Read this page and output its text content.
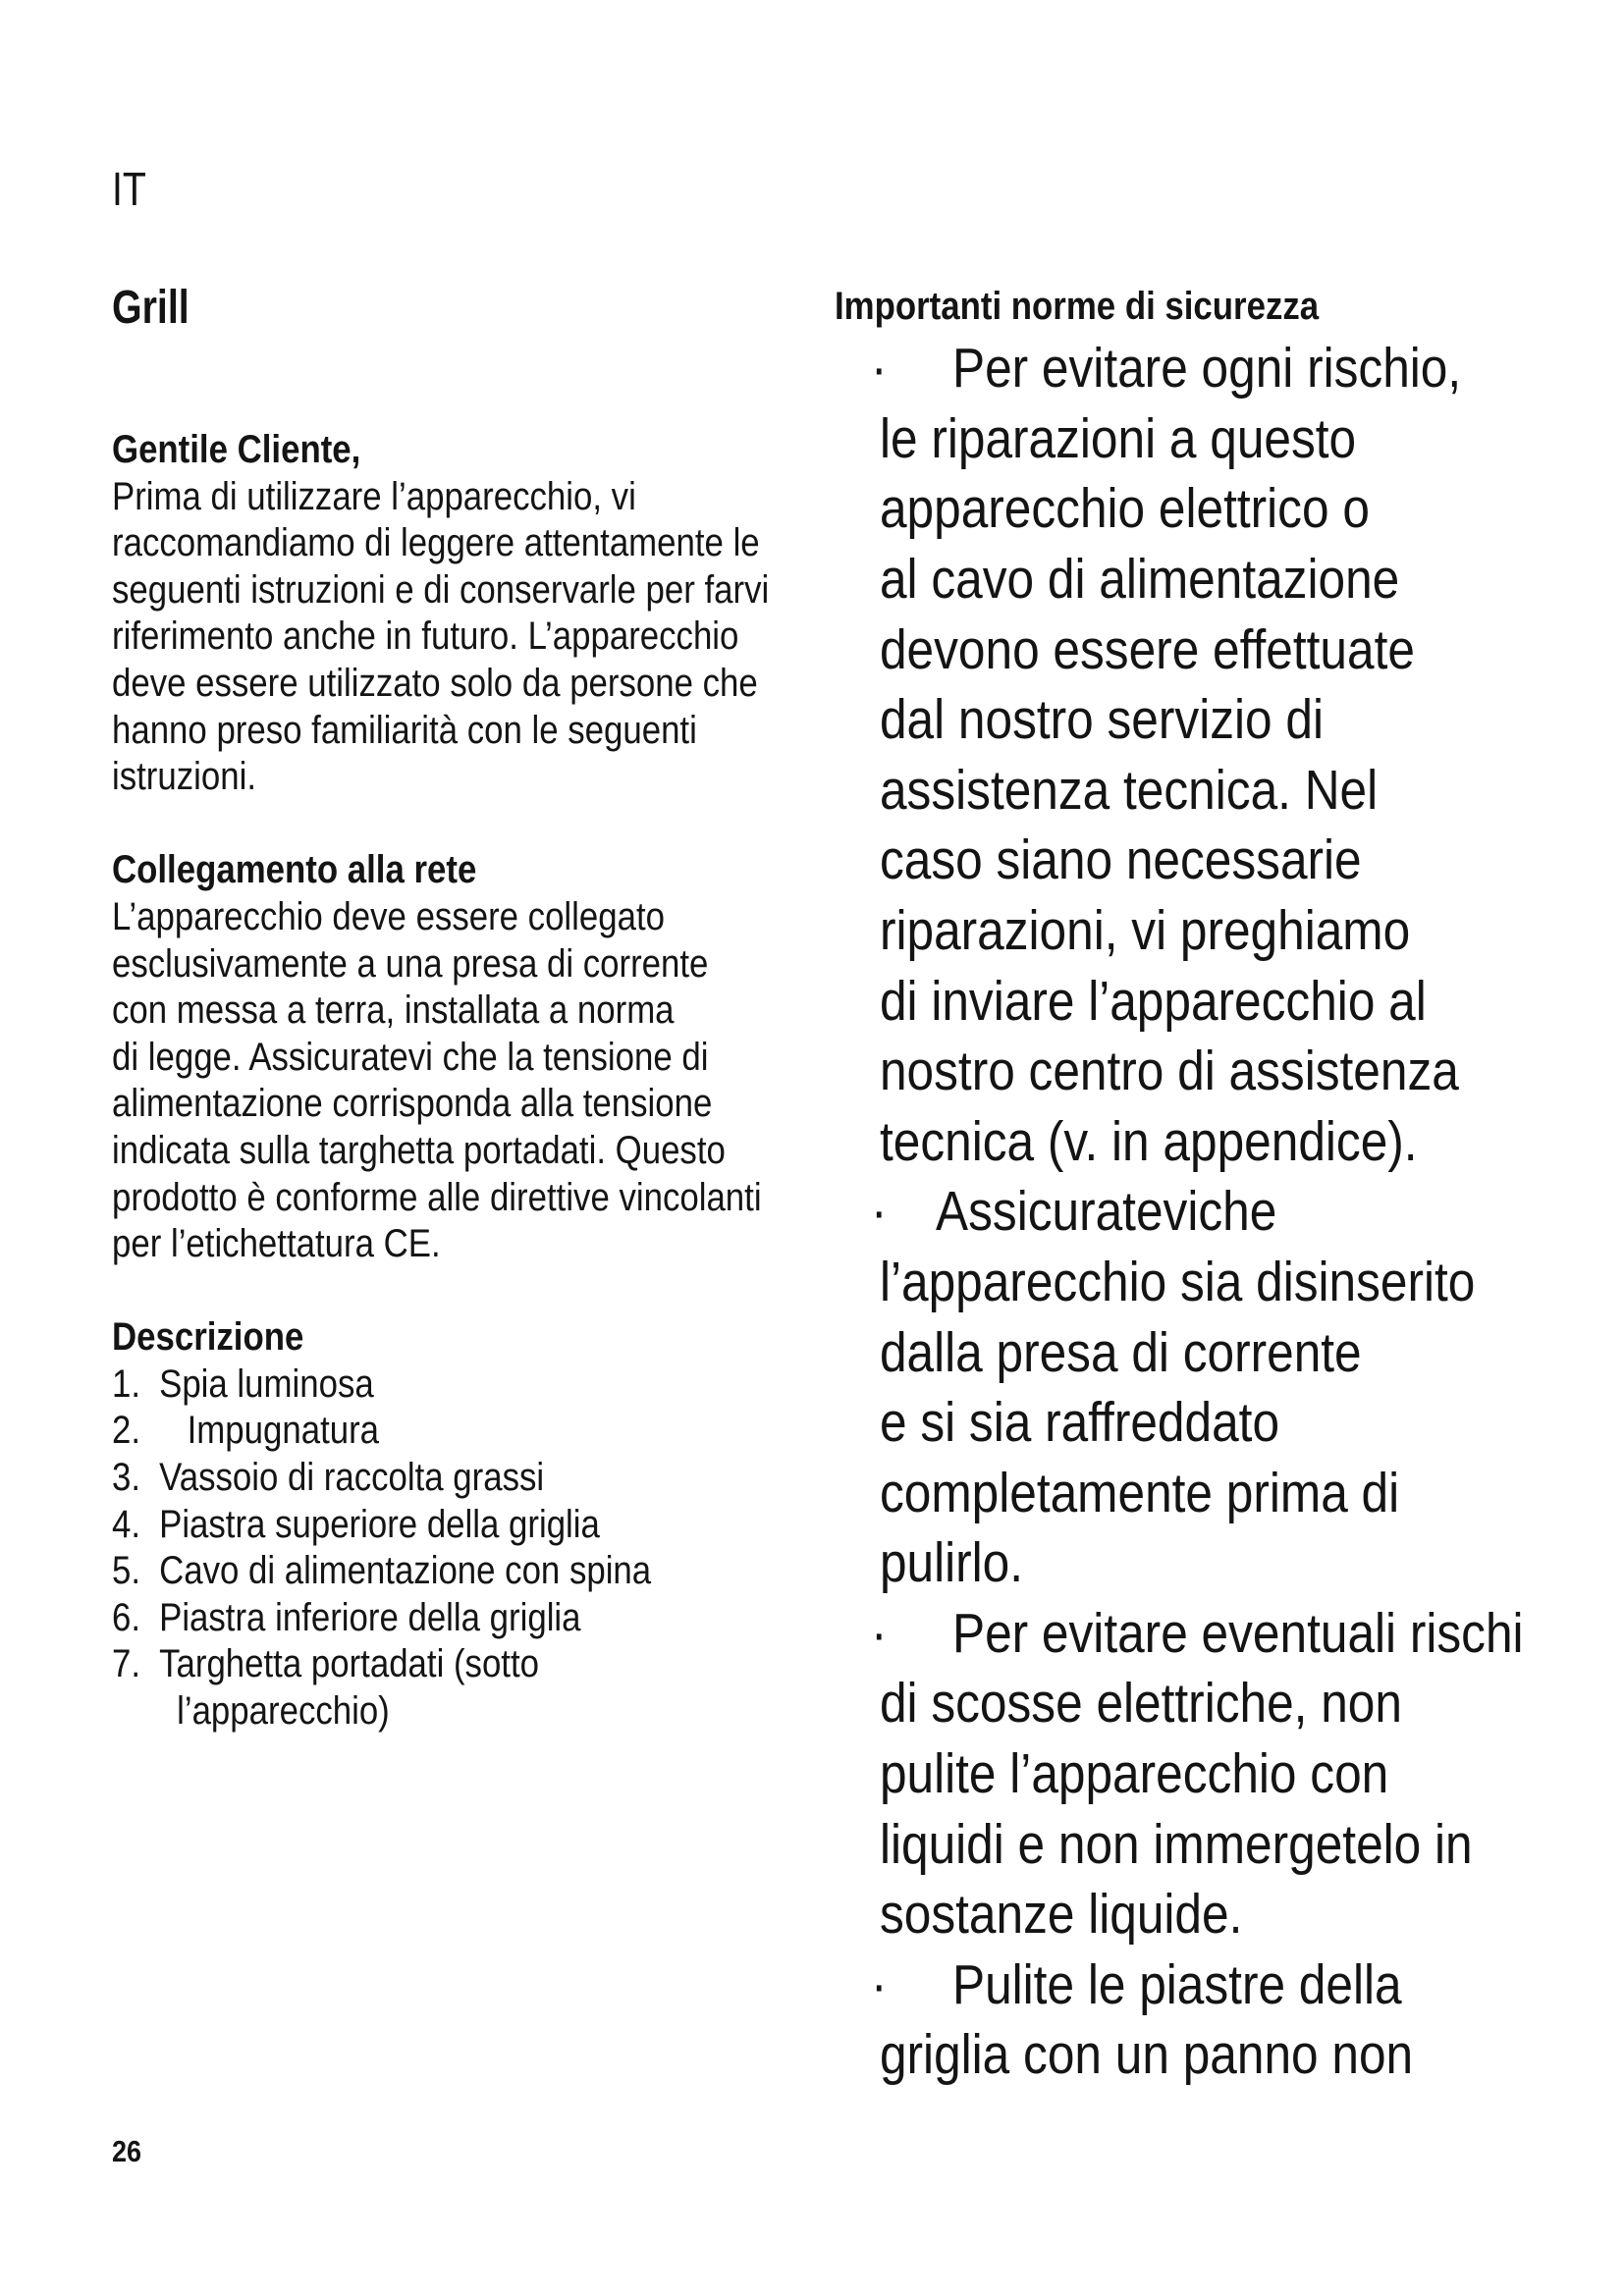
IT
Grill
Gentile Cliente,
Prima di utilizzare l’apparecchio, vi
raccomandiamo di leggere attentamente le
seguenti istruzioni e di conservarle per farvi
riferimento anche in futuro. L’apparecchio
deve essere utilizzato solo da persone che
hanno preso familiarità con le seguenti
istruzioni.
Collegamento alla rete
L’apparecchio deve essere collegato
esclusivamente a una presa di corrente
con messa a terra, installata a norma
di legge. Assicuratevi che la tensione di
alimentazione corrisponda alla tensione
indicata sulla targhetta portadati. Questo
prodotto è conforme alle direttive vincolanti
per l’etichettatura CE.
Descrizione
1. Spia luminosa
2. Impugnatura
3. Vassoio di raccolta grassi
4. Piastra superiore della griglia
5. Cavo di alimentazione con spina
6. Piastra inferiore della griglia
7. Targhetta portadati (sotto
l’apparecchio)
Importanti norme di sicurezza
· Per evitare ogni rischio,
le riparazioni a questo
apparecchio elettrico o
al cavo di alimentazione
devono essere effettuate
dal nostro servizio di
assistenza tecnica. Nel
caso siano necessarie
riparazioni, vi preghiamo
di inviare l’apparecchio al
nostro centro di assistenza
tecnica (v. in appendice).
· Assicurateviche
l’apparecchio sia disinserito
dalla presa di corrente
e si sia raffreddato
completamente prima di
pulirlo.
· Per evitare eventuali rischi
di scosse elettriche, non
pulite l’apparecchio con
liquidi e non immergetelo in
sostanze liquide.
· Pulite le piastre della
griglia con un panno non
26
